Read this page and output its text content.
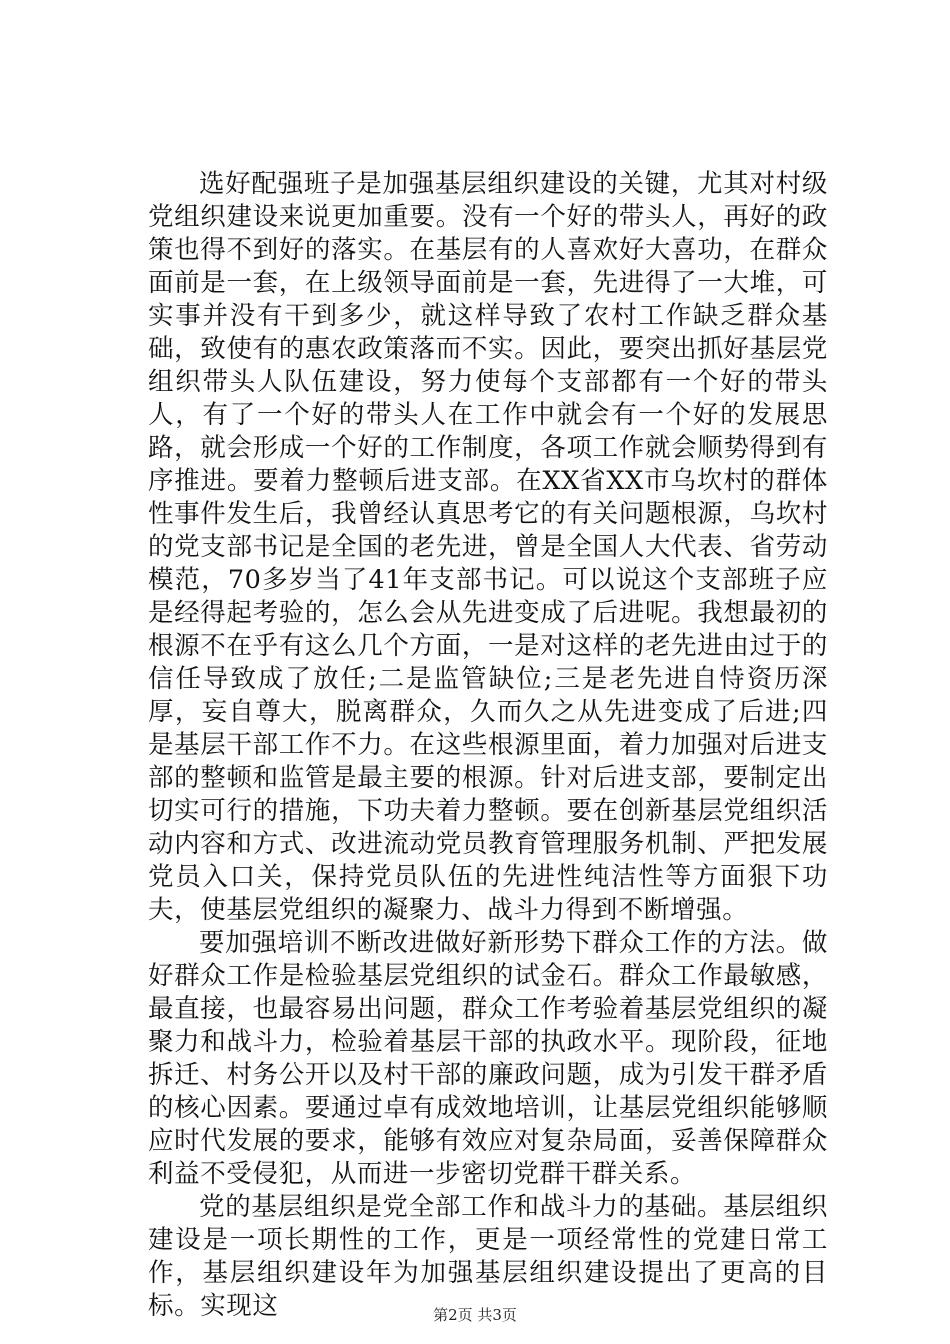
选好配强班子是加强基层组织建设的关键，尤其对村级党组织建设来说更加重要。没有一个好的带头人，再好的政策也得不到好的落实。在基层有的人喜欢好大喜功，在群众面前是一套，在上级领导面前是一套，先进得了一大堆，可实事并没有干到多少，就这样导致了农村工作缺乏群众基础，致使有的惠农政策落而不实。因此，要突出抓好基层党组织带头人队伍建设，努力使每个支部都有一个好的带头人，有了一个好的带头人在工作中就会有一个好的发展思路，就会形成一个好的工作制度，各项工作就会顺势得到有序推进。要着力整顿后进支部。在XX省XX市乌坎村的群体性事件发生后，我曾经认真思考它的有关问题根源，乌坎村的党支部书记是全国的老先进，曾是全国人大代表、省劳动模范，70多岁当了41年支部书记。可以说这个支部班子应是经得起考验的，怎么会从先进变成了后进呢。我想最初的根源不在乎有这么几个方面，一是对这样的老先进由过于的信任导致成了放任;二是监管缺位;三是老先进自恃资历深厚，妄自尊大，脱离群众，久而久之从先进变成了后进;四是基层干部工作不力。在这些根源里面，着力加强对后进支部的整顿和监管是最主要的根源。针对后进支部，要制定出切实可行的措施，下功夫着力整顿。要在创新基层党组织活动内容和方式、改进流动党员教育管理服务机制、严把发展党员入口关，保持党员队伍的先进性纯洁性等方面狠下功夫，使基层党组织的凝聚力、战斗力得到不断增强。

要加强培训不断改进做好新形势下群众工作的方法。做好群众工作是检验基层党组织的试金石。群众工作最敏感，最直接，也最容易出问题，群众工作考验着基层党组织的凝聚力和战斗力，检验着基层干部的执政水平。现阶段，征地拆迁、村务公开以及村干部的廉政问题，成为引发干群矛盾的核心因素。要通过卓有成效地培训，让基层党组织能够顺应时代发展的要求，能够有效应对复杂局面，妥善保障群众利益不受侵犯，从而进一步密切党群干群关系。

党的基层组织是党全部工作和战斗力的基础。基层组织建设是一项长期性的工作，更是一项经常性的党建日常工作，基层组织建设年为加强基层组织建设提出了更高的目标。实现这	第2页 共3页
